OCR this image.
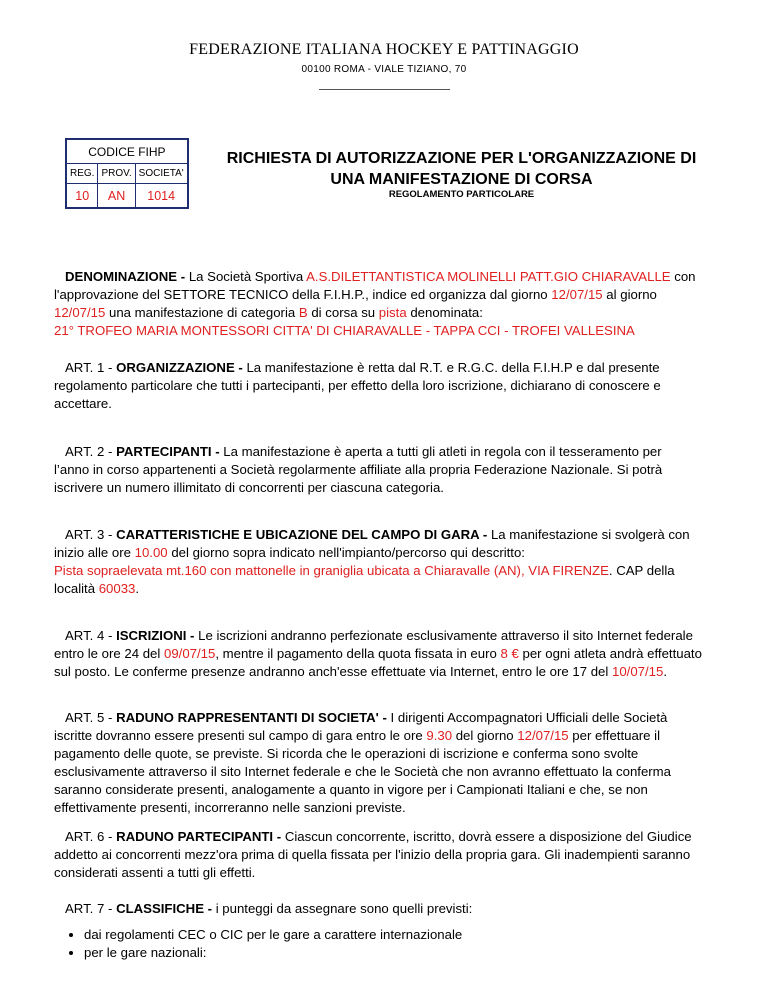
FEDERAZIONE ITALIANA HOCKEY E PATTINAGGIO
00100 ROMA - VIALE TIZIANO, 70
CODICE FIHP		
REG.	PROV.	SOCIETA'
10	AN	1014
RICHIESTA DI AUTORIZZAZIONE PER L'ORGANIZZAZIONE DI
UNA MANIFESTAZIONE DI CORSA
REGOLAMENTO PARTICOLARE
DENOMINAZIONE - La Società Sportiva A.S.DILETTANTISTICA MOLINELLI PATT.GIO CHIARAVALLE con
l'approvazione del SETTORE TECNICO della F.I.H.P., indice ed organizza dal giorno 12/07/15 al giorno
12/07/15 una manifestazione di categoria B di corsa su pista denominata:
21° TROFEO MARIA MONTESSORI CITTA' DI CHIARAVALLE - TAPPA CCI - TROFEI VALLESINA
ART. 1 - ORGANIZZAZIONE - La manifestazione è retta dal R.T. e R.G.C. della F.I.H.P e dal presente
regolamento particolare che tutti i partecipanti, per effetto della loro iscrizione, dichiarano di conoscere e
accettare.
ART. 2 - PARTECIPANTI - La manifestazione è aperta a tutti gli atleti in regola con il tesseramento per
l’anno in corso appartenenti a Società regolarmente affiliate alla propria Federazione Nazionale. Si potrà
iscrivere un numero illimitato di concorrenti per ciascuna categoria.
ART. 3 - CARATTERISTICHE E UBICAZIONE DEL CAMPO DI GARA - La manifestazione si svolgerà con
inizio alle ore 10.00 del giorno sopra indicato nell'impianto/percorso qui descritto:
Pista sopraelevata mt.160 con mattonelle in graniglia ubicata a Chiaravalle (AN), VIA FIRENZE. CAP della
località 60033.
ART. 4 - ISCRIZIONI - Le iscrizioni andranno perfezionate esclusivamente attraverso il sito Internet federale
entro le ore 24 del 09/07/15, mentre il pagamento della quota fissata in euro 8 € per ogni atleta andrà effettuato
sul posto. Le conferme presenze andranno anch'esse effettuate via Internet, entro le ore 17 del 10/07/15.
ART. 5 - RADUNO RAPPRESENTANTI DI SOCIETA' - I dirigenti Accompagnatori Ufficiali delle Società
iscritte dovranno essere presenti sul campo di gara entro le ore 9.30 del giorno 12/07/15 per effettuare il
pagamento delle quote, se previste. Si ricorda che le operazioni di iscrizione e conferma sono svolte
esclusivamente attraverso il sito Internet federale e che le Società che non avranno effettuato la conferma
saranno considerate presenti, analogamente a quanto in vigore per i Campionati Italiani e che, se non
effettivamente presenti, incorreranno nelle sanzioni previste.
ART. 6 - RADUNO PARTECIPANTI - Ciascun concorrente, iscritto, dovrà essere a disposizione del Giudice
addetto ai concorrenti mezz'ora prima di quella fissata per l'inizio della propria gara. Gli inadempienti saranno
considerati assenti a tutti gli effetti.
ART. 7 - CLASSIFICHE - i punteggi da assegnare sono quelli previsti:
• dai regolamenti CEC o CIC per le gare a carattere internazionale
• per le gare nazionali:
